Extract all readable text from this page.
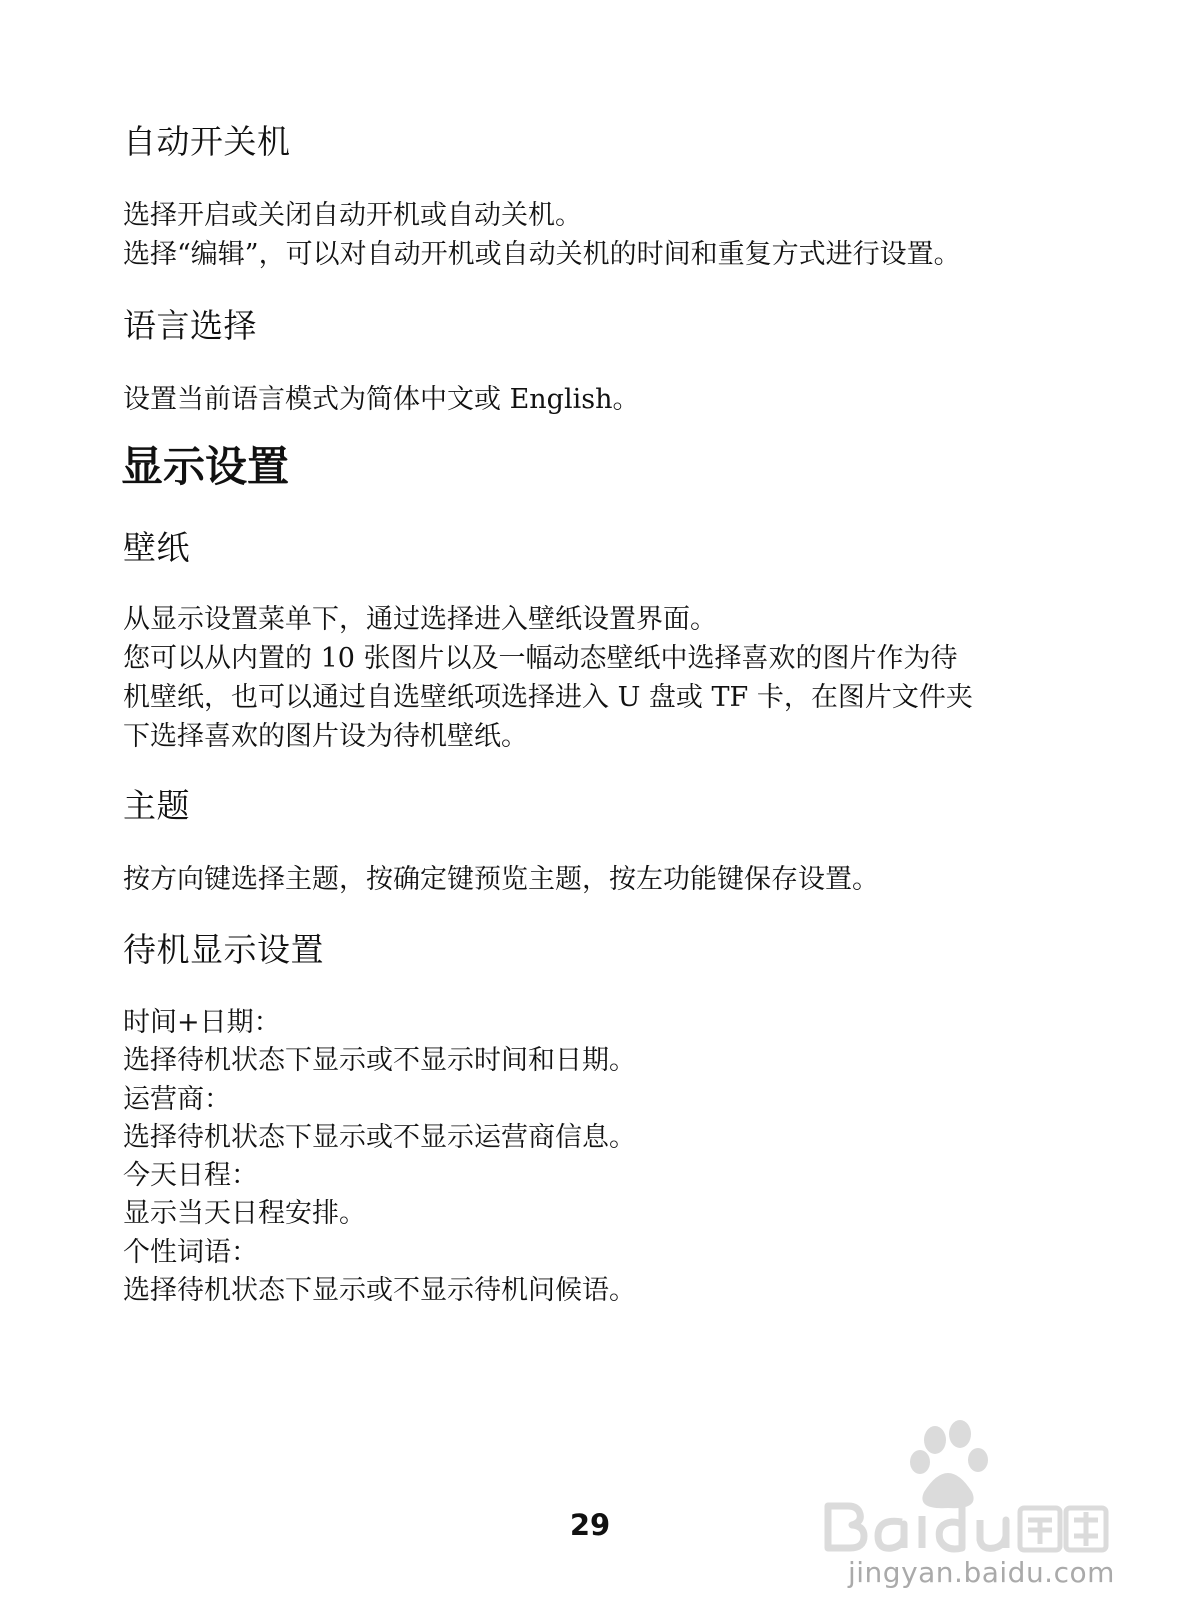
自动开关机

选择开启或关闭自动开机或自动关机。
选择“编辑”，可以对自动开机或自动关机的时间和重复方式进行设置。

语言选择

设置当前语言模式为简体中文或 English。

显示设置
壁纸

从显示设置菜单下，通过选择进入壁纸设置界面。
您可以从内置的 10 张图片以及一幅动态壁纸中选择喜欢的图片作为待
机壁纸，也可以通过自选壁纸项选择进入 U 盘或 TF 卡，在图片文件夹
下选择喜欢的图片设为待机壁纸。

主题

按方向键选择主题，按确定键预览主题，按左功能键保存设置。

待机显示设置

时间+日期：
选择待机状态下显示或不显示时间和日期。
运营商：
选择待机状态下显示或不显示运营商信息。
今天日程：
显示当天日程安排。
个性词语：
选择待机状态下显示或不显示待机问候语。

29
jingyan.baidu.com
